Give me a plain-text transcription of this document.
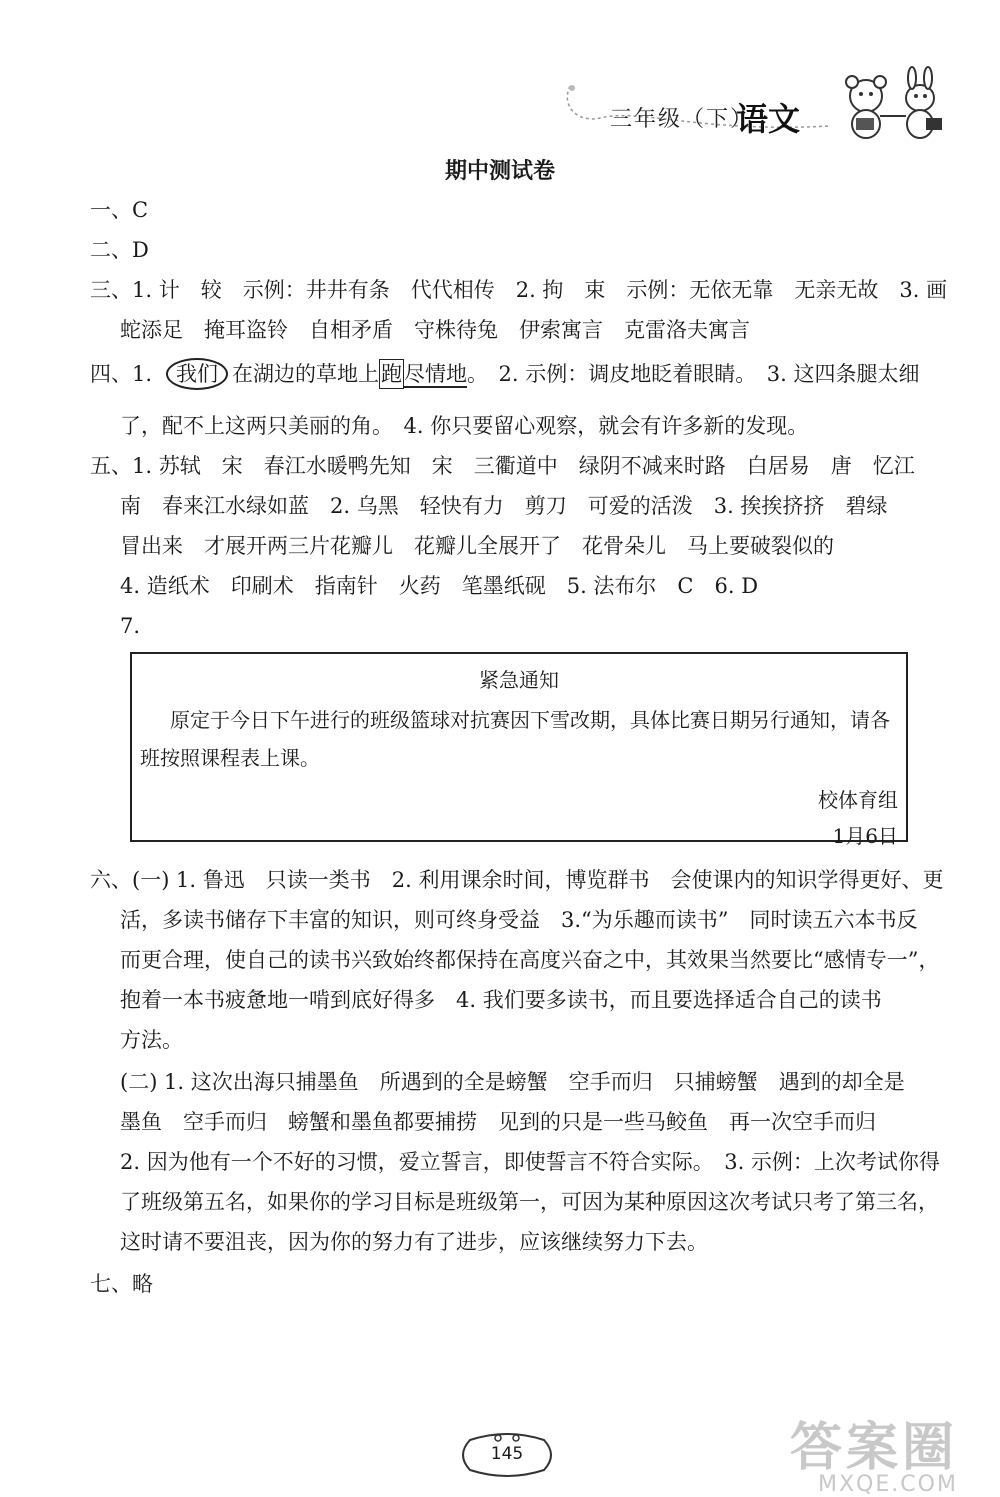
三年级（下）
语文
期中测试卷
一、C
二、D
三、1. 计　较　示例：井井有条　代代相传　2. 拘　束　示例：无依无靠　无亲无故　3. 画
蛇添足　掩耳盗铃　自相矛盾　守株待兔　伊索寓言　克雷洛夫寓言
四、1. 我们 在湖边的草地上跑尽情地。　2. 示例：调皮地眨着眼睛。　3. 这四条腿太细
了，配不上这两只美丽的角。　4. 你只要留心观察，就会有许多新的发现。
五、1. 苏轼　宋　春江水暖鸭先知　宋　三衢道中　绿阴不减来时路　白居易　唐　忆江
南　春来江水绿如蓝　2. 乌黑　轻快有力　剪刀　可爱的活泼　3. 挨挨挤挤　碧绿
冒出来　才展开两三片花瓣儿　花瓣儿全展开了　花骨朵儿　马上要破裂似的
4. 造纸术　印刷术　指南针　火药　笔墨纸砚　5. 法布尔　C　6. D
7.
紧急通知
原定于今日下午进行的班级篮球对抗赛因下雪改期，具体比赛日期另行通知，请各
班按照课程表上课。
校体育组
1月6日
六、(一) 1. 鲁迅　只读一类书　2. 利用课余时间，博览群书　会使课内的知识学得更好、更
活，多读书储存下丰富的知识，则可终身受益　3.“为乐趣而读书”　同时读五六本书反
而更合理，使自己的读书兴致始终都保持在高度兴奋之中，其效果当然要比“感情专一”，
抱着一本书疲惫地一啃到底好得多　4. 我们要多读书，而且要选择适合自己的读书
方法。
(二) 1. 这次出海只捕墨鱼　所遇到的全是螃蟹　空手而归　只捕螃蟹　遇到的却全是
墨鱼　空手而归　螃蟹和墨鱼都要捕捞　见到的只是一些马鲛鱼　再一次空手而归
2. 因为他有一个不好的习惯，爱立誓言，即使誓言不符合实际。　3. 示例：上次考试你得
了班级第五名，如果你的学习目标是班级第一，可因为某种原因这次考试只考了第三名，
这时请不要沮丧，因为你的努力有了进步，应该继续努力下去。
七、略
145	答案圈
MXQE.COM
